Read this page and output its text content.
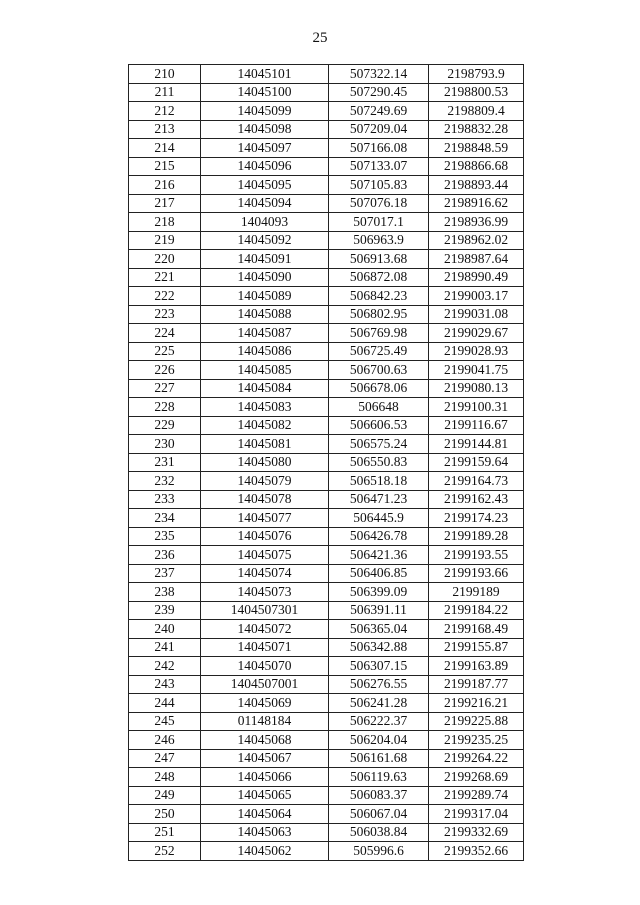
25
210	14045101	507322.14	2198793.9
211	14045100	507290.45	2198800.53
212	14045099	507249.69	2198809.4
213	14045098	507209.04	2198832.28
214	14045097	507166.08	2198848.59
215	14045096	507133.07	2198866.68
216	14045095	507105.83	2198893.44
217	14045094	507076.18	2198916.62
218	1404093	507017.1	2198936.99
219	14045092	506963.9	2198962.02
220	14045091	506913.68	2198987.64
221	14045090	506872.08	2198990.49
222	14045089	506842.23	2199003.17
223	14045088	506802.95	2199031.08
224	14045087	506769.98	2199029.67
225	14045086	506725.49	2199028.93
226	14045085	506700.63	2199041.75
227	14045084	506678.06	2199080.13
228	14045083	506648	2199100.31
229	14045082	506606.53	2199116.67
230	14045081	506575.24	2199144.81
231	14045080	506550.83	2199159.64
232	14045079	506518.18	2199164.73
233	14045078	506471.23	2199162.43
234	14045077	506445.9	2199174.23
235	14045076	506426.78	2199189.28
236	14045075	506421.36	2199193.55
237	14045074	506406.85	2199193.66
238	14045073	506399.09	2199189
239	1404507301	506391.11	2199184.22
240	14045072	506365.04	2199168.49
241	14045071	506342.88	2199155.87
242	14045070	506307.15	2199163.89
243	1404507001	506276.55	2199187.77
244	14045069	506241.28	2199216.21
245	01148184	506222.37	2199225.88
246	14045068	506204.04	2199235.25
247	14045067	506161.68	2199264.22
248	14045066	506119.63	2199268.69
249	14045065	506083.37	2199289.74
250	14045064	506067.04	2199317.04
251	14045063	506038.84	2199332.69
252	14045062	505996.6	2199352.66
